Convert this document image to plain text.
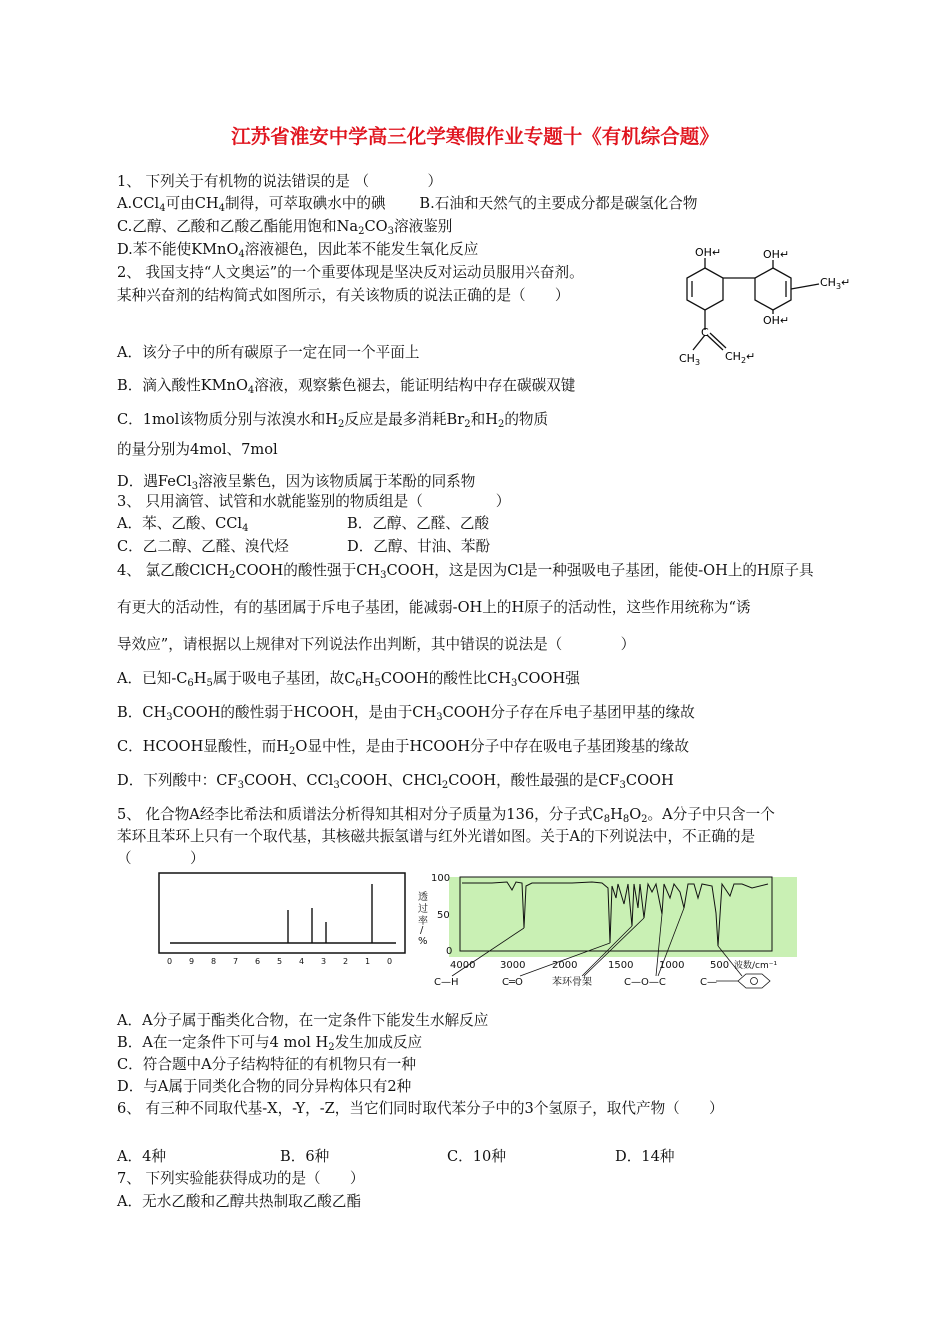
江苏省淮安中学高三化学寒假作业专题十《有机综合题》
1、 下列关于有机物的说法错误的是 （　　　　）
A.CCl$_4$可由$CH_4$制得，可萃取碘水中的碘 　　B.石油和天然气的主要成分都是碳氢化合物
C.乙醇、乙酸和乙酸乙酯能用饱和$Na_2CO_3$溶液鉴别
D.苯不能使KMnO$_4$溶液褪色，因此苯不能发生氧化反应
2、 我国支持“人文奥运”的一个重要体现是坚决反对运动员服用兴奋剂。
某种兴奋剂的结构简式如图所示，有关该物质的说法正确的是（　　）
A．该分子中的所有碳原子一定在同一个平面上
B．滴入酸性KMnO$_4$溶液，观察紫色褪去，能证明结构中存在碳碳双键
C．1mol该物质分别与浓溴水和$H_2$反应是最多消耗$Br_2$和$H_2$的物质
的量分别为4mol、7mol
D．遇FeCl$_3$溶液呈紫色，因为该物质属于苯酚的同系物
OH↵	OH↵
OH↵
$CH_3↵$
C
$CH_3$ $CH_2↵$
3、 只用滴管、试管和水就能鉴别的物质组是（　　　　　）
A．苯、乙酸、CCl$_4$	B．乙醇、乙醛、乙酸
C．乙二醇、乙醛、溴代烃	D．乙醇、甘油、苯酚
4、 氯乙酸ClCH$_2$COOH的酸性强于$CH_3COOH$，这是因为Cl是一种强吸电子基团，能使-OH上的H原子具
有更大的活动性，有的基团属于斥电子基团，能减弱-OH上的H原子的活动性，这些作用统称为“诱
导效应”，请根据以上规律对下列说法作出判断，其中错误的说法是（　　　　）
A．已知$-C_6H_5$属于吸电子基团，故$C_6H_5COOH$的酸性比$CH_3COOH$强
B．$CH_3COOH$的酸性弱于HCOOH，是由于$CH_3COOH$分子存在斥电子基团甲基的缘故
C．HCOOH显酸性，而$H_2O$显中性，是由于HCOOH分子中存在吸电子基团羧基的缘故
D．下列酸中：$CF_3COOH$、CCl$_3$COOH、CHCl$_2$COOH，酸性最强的是$CF_3COOH$
5、 化合物A经李比希法和质谱法分析得知其相对分子质量为136，分子式$C_8H_8O_2$。A分子中只含一个
苯环且苯环上只有一个取代基，其核磁共振氢谱与红外光谱如图。关于A的下列说法中，不正确的是
（　　　　）
0 9 8 7 6 5 4 3 2 1 0
100
50
0
透
过
率
/
%
4000 3000	2000	1500	1000	500 波数/cm⁻¹
C—H	C═O	苯环骨架	C—O—C	C—
A．A分子属于酯类化合物，在一定条件下能发生水解反应
B．A在一定条件下可与4 mol $H_2$发生加成反应
C．符合题中A分子结构特征的有机物只有一种
D．与A属于同类化合物的同分异构体只有2种
6、 有三种不同取代基-X，-Y，-Z，当它们同时取代苯分子中的3个氢原子，取代产物（　　）
A．4种	B．6种	C．10种	D．14种
7、 下列实验能获得成功的是（　　）
A．无水乙酸和乙醇共热制取乙酸乙酯
